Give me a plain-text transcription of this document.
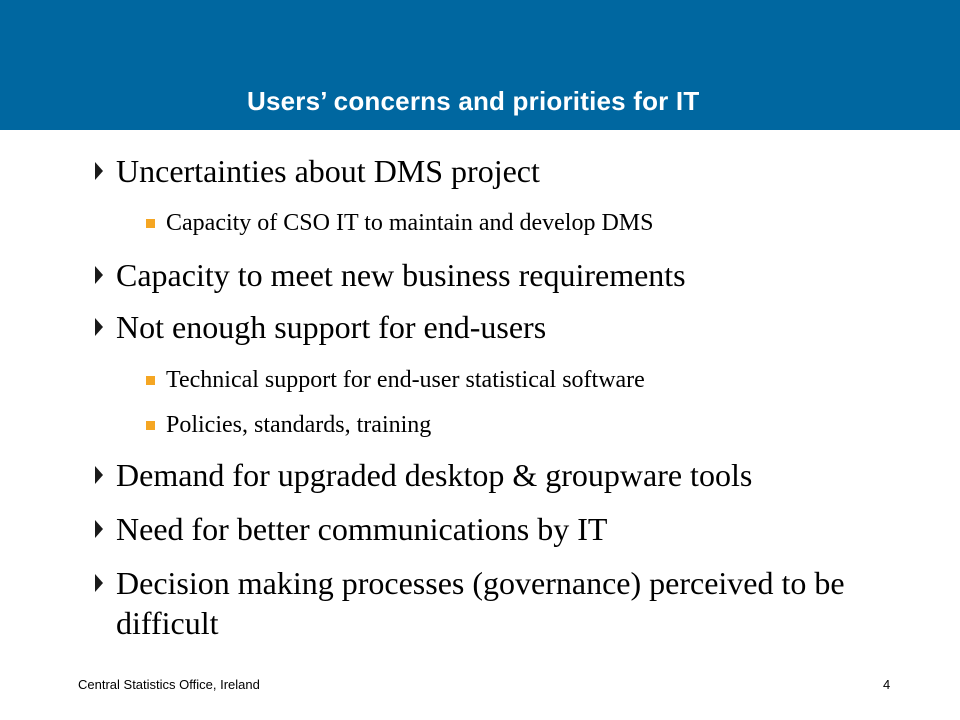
Users’ concerns and priorities for IT
Uncertainties about DMS project
Capacity of CSO IT to maintain and develop DMS
Capacity to meet new business requirements
Not enough support for end-users
Technical support for end-user statistical software
Policies, standards, training
Demand for upgraded desktop & groupware tools
Need for better communications by IT
Decision making processes (governance) perceived to be difficult
Central Statistics Office, Ireland	4
